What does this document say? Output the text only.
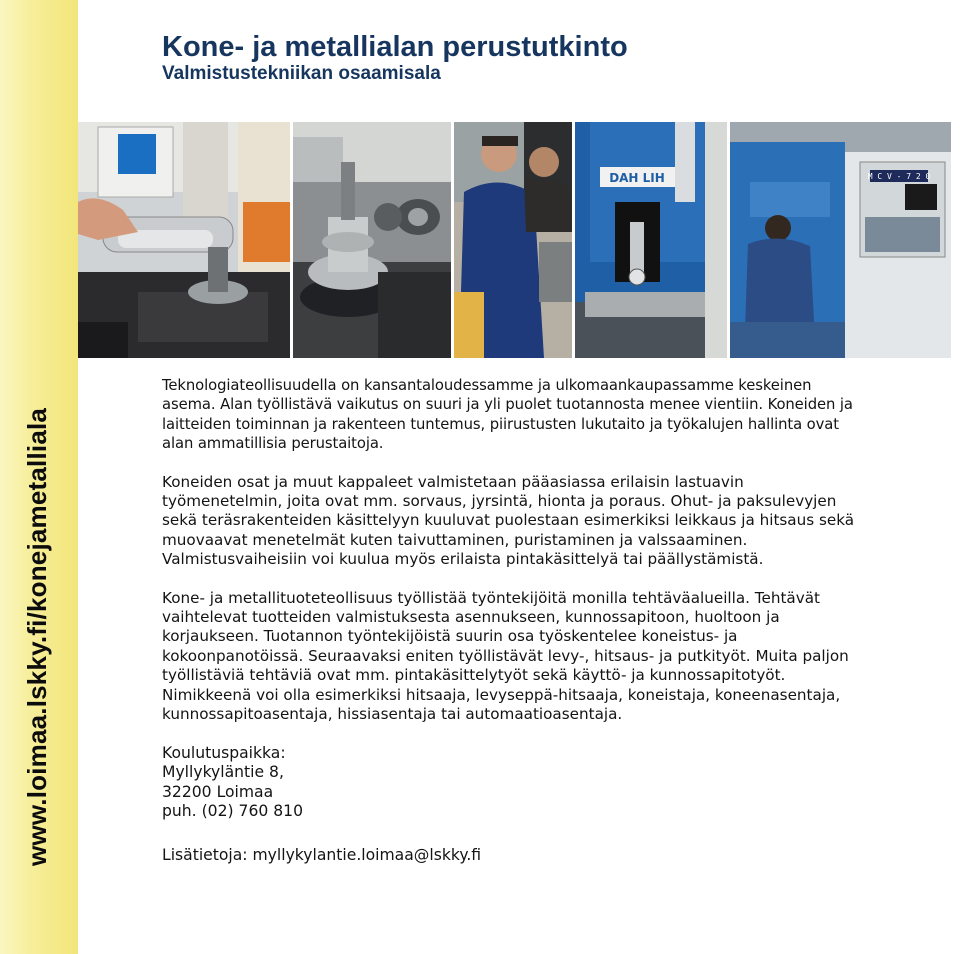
www.loimaa.lskky.fi/konejametalliala
Kone- ja metallialan perustutkinto
Valmistustekniikan osaamisala
DAH LIH	M C V - 7 2 0

Teknologiateollisuudella on kansantaloudessamme ja ulkomaankaupassamme keskeinen asema. Alan työllistävä vaikutus on suuri ja yli puolet tuotannosta menee vientiin. Koneiden ja laitteiden toiminnan ja rakenteen tuntemus, piirustusten lukutaito ja työkalujen hallinta ovat alan ammatillisia perustaitoja.

Koneiden osat ja muut kappaleet valmistetaan pääasiassa erilaisin lastuavin työmenetelmin, joita ovat mm. sorvaus, jyrsintä, hionta ja poraus. Ohut- ja paksulevyjen sekä teräsrakenteiden käsittelyyn kuuluvat puolestaan esimerkiksi leikkaus ja hitsaus sekä muovaavat menetelmät kuten taivuttaminen, puristaminen ja valssaaminen. Valmistusvaiheisiin voi kuulua myös erilaista pintakäsittelyä tai päällystämistä.

Kone- ja metallituoteteollisuus työllistää työntekijöitä monilla tehtäväalueilla. Tehtävät vaihtelevat tuotteiden valmistuksesta asennukseen, kunnossapitoon, huoltoon ja korjaukseen. Tuotannon työntekijöistä suurin osa työskentelee koneistus- ja kokoonpanotöissä. Seuraavaksi eniten työllistävät levy-, hitsaus- ja putkityöt. Muita paljon työllistäviä tehtäviä ovat mm. pintakäsittelytyöt sekä käyttö- ja kunnossapitotyöt. Nimikkeenä voi olla esimerkiksi hitsaaja, levyseppä-hitsaaja, koneistaja, koneenasentaja, kunnossapitoasentaja, hissiasentaja tai automaatioasentaja.

Koulutuspaikka:
Myllykyläntie 8,
32200 Loimaa
puh. (02) 760 810
Lisätietoja: myllykylantie.loimaa@lskky.fi
